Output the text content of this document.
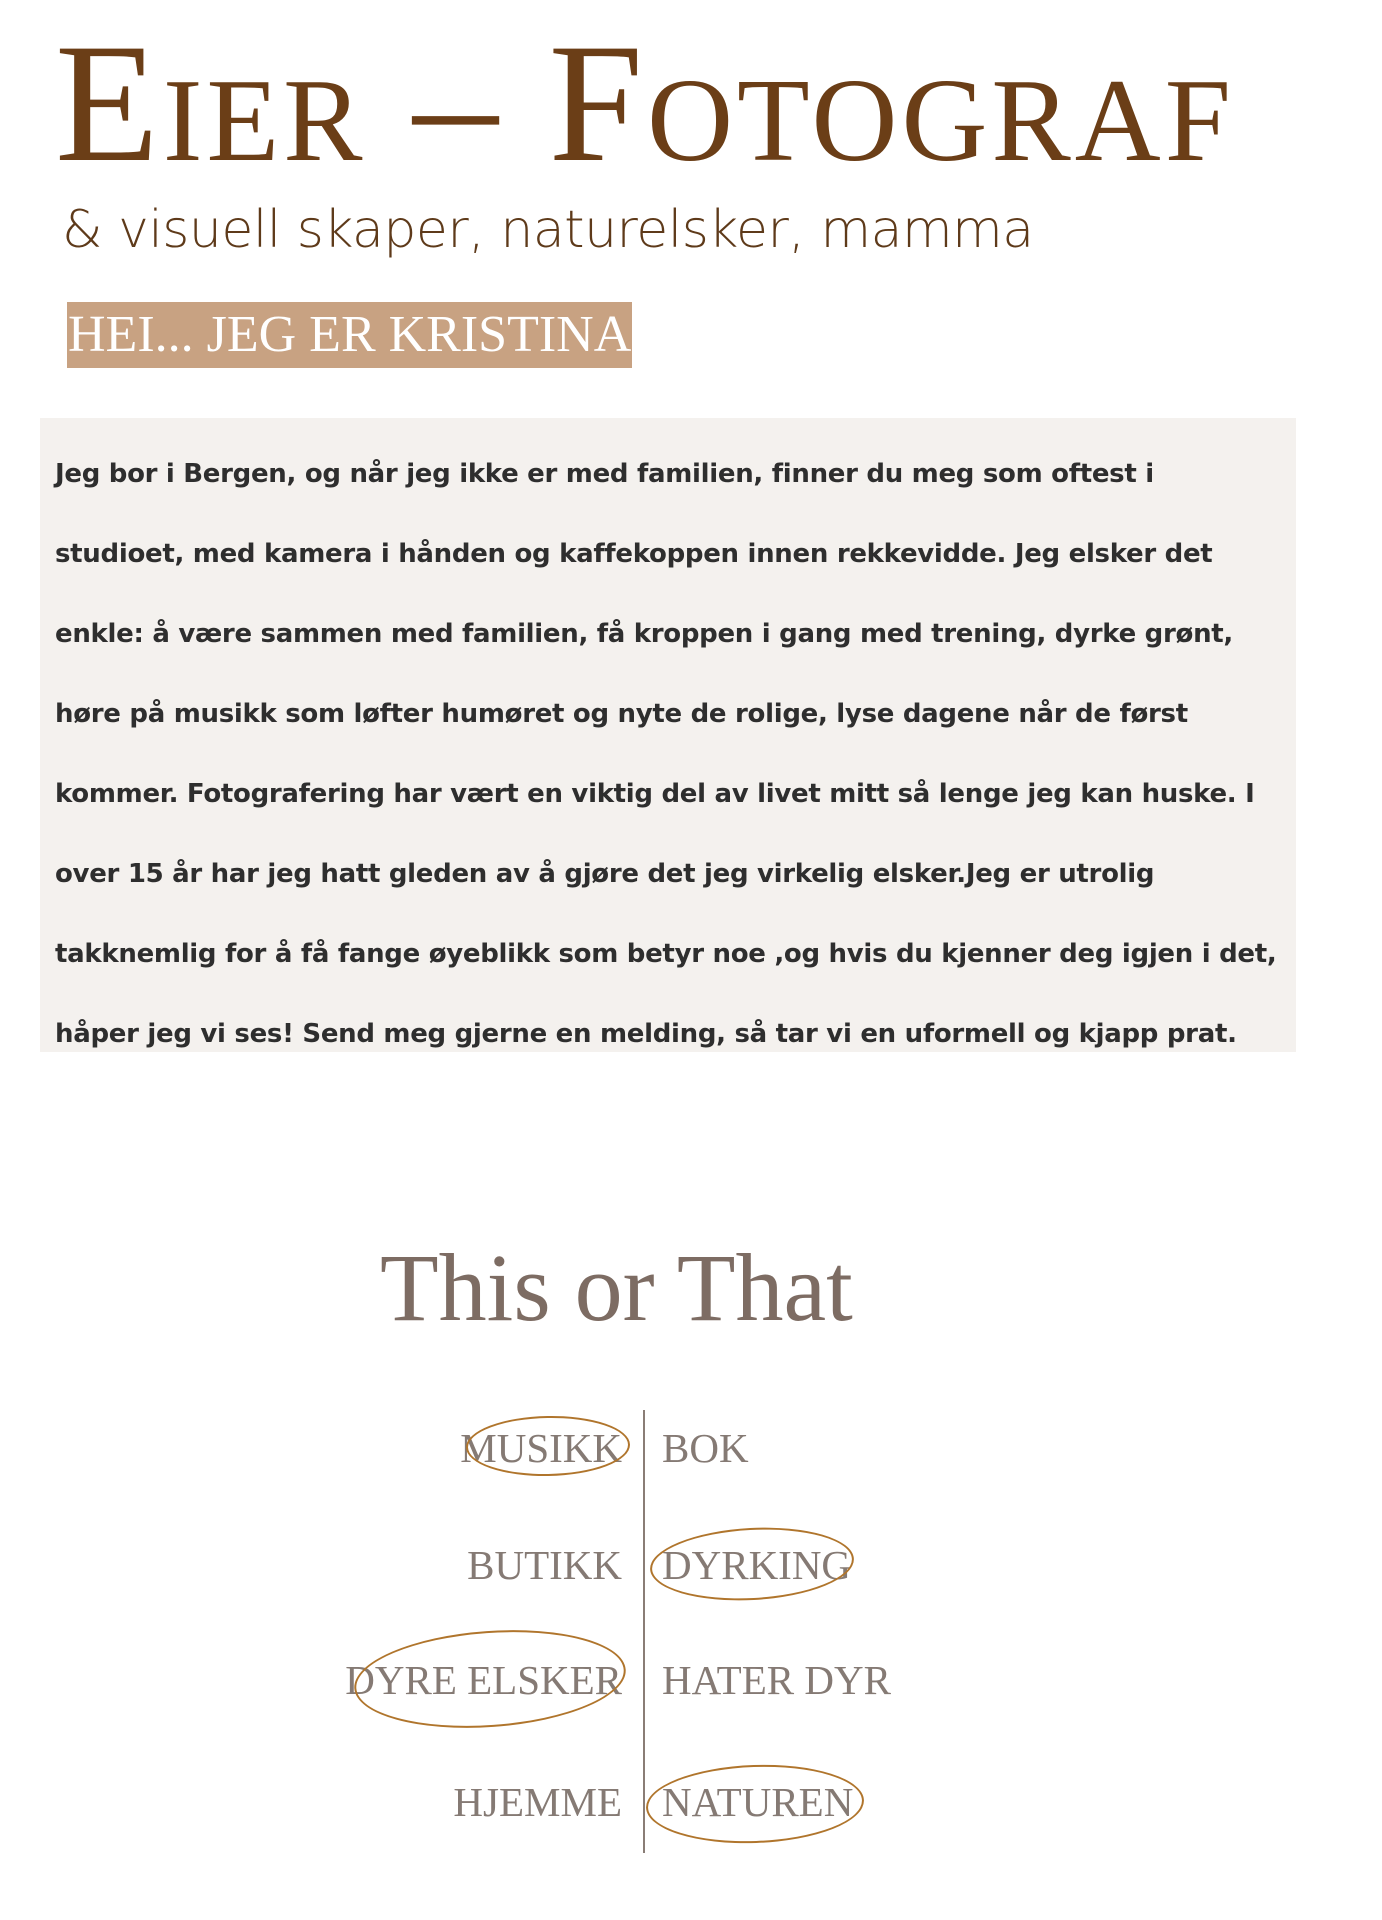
Eier – Fotograf
& visuell skaper, naturelsker, mamma
HEI... JEG ER KRISTINA

Jeg bor i Bergen, og når jeg ikke er med familien, finner du meg som oftest i studioet, med kamera i hånden og kaffekoppen innen rekkevidde. Jeg elsker det enkle: å være sammen med familien, få kroppen i gang med trening, dyrke grønt, høre på musikk som løfter humøret og nyte de rolige, lyse dagene når de først kommer. Fotografering har vært en viktig del av livet mitt så lenge jeg kan huske. I over 15 år har jeg hatt gleden av å gjøre det jeg virkelig elsker.Jeg er utrolig takknemlig for å få fange øyeblikk som betyr noe ,og hvis du kjenner deg igjen i det, håper jeg vi ses! Send meg gjerne en melding, så tar vi en uformell og kjapp prat.

This or That
MUSIKK BOK
BUTIKK DYRKING
DYRE ELSKER HATER DYR
HJEMME NATUREN
